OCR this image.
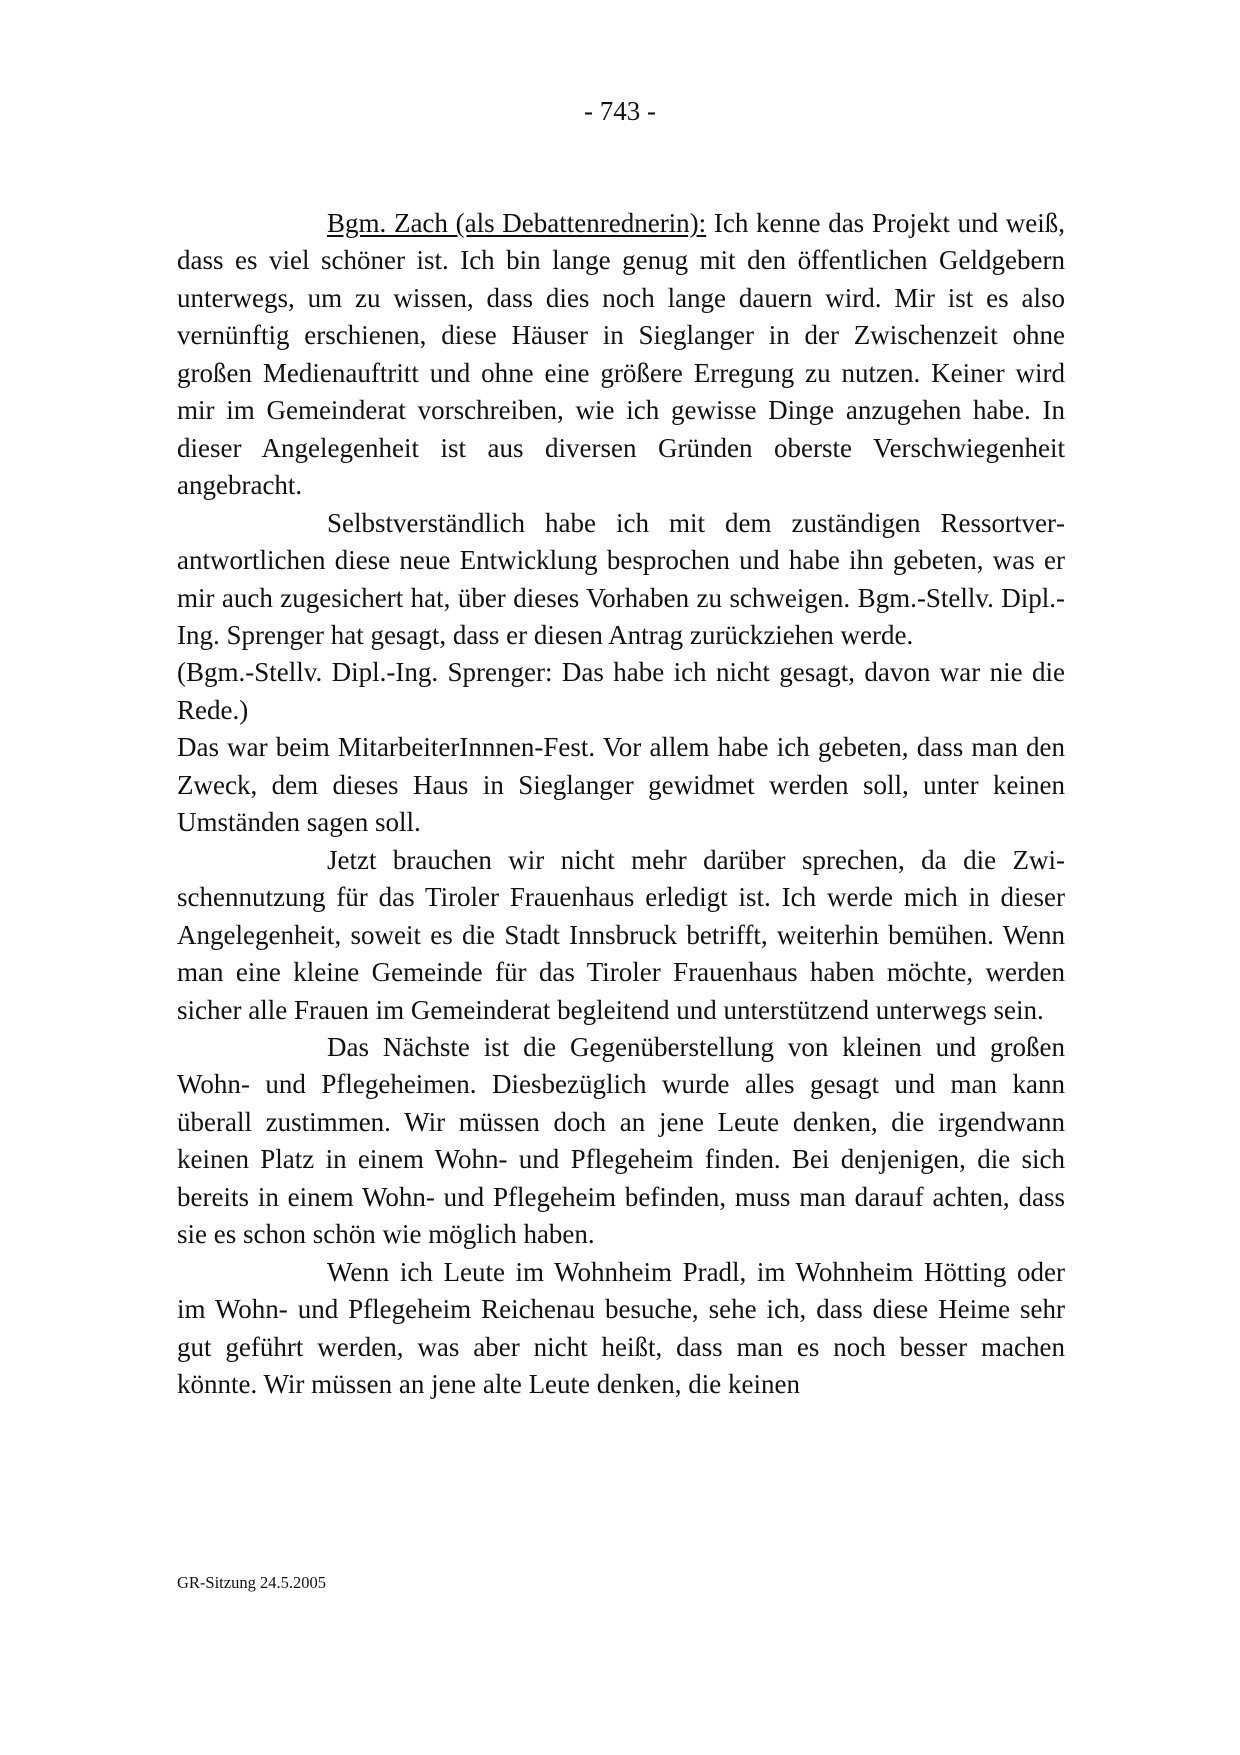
- 743 -

Bgm. Zach (als Debattenrednerin): Ich kenne das Projekt und weiß, dass es viel schöner ist. Ich bin lange genug mit den öffentlichen Geldgebern unterwegs, um zu wissen, dass dies noch lange dauern wird. Mir ist es also vernünftig erschienen, diese Häuser in Sieglanger in der Zwischenzeit ohne großen Medienauftritt und ohne eine größere Erregung zu nutzen. Keiner wird mir im Gemeinderat vorschreiben, wie ich gewisse Dinge anzugehen habe. In dieser Angelegenheit ist aus diversen Gründen oberste Verschwiegenheit angebracht.

Selbstverständlich habe ich mit dem zuständigen Ressortverantwortlichen diese neue Entwicklung besprochen und habe ihn gebeten, was er mir auch zugesichert hat, über dieses Vorhaben zu schweigen. Bgm.-Stellv. Dipl.-Ing. Sprenger hat gesagt, dass er diesen Antrag zurückziehen werde.

(Bgm.-Stellv. Dipl.-Ing. Sprenger: Das habe ich nicht gesagt, davon war nie die Rede.)

Das war beim MitarbeiterInnnen-Fest. Vor allem habe ich gebeten, dass man den Zweck, dem dieses Haus in Sieglanger gewidmet werden soll, unter keinen Umständen sagen soll.

Jetzt brauchen wir nicht mehr darüber sprechen, da die Zwischennutzung für das Tiroler Frauenhaus erledigt ist. Ich werde mich in dieser Angelegenheit, soweit es die Stadt Innsbruck betrifft, weiterhin bemühen. Wenn man eine kleine Gemeinde für das Tiroler Frauenhaus haben möchte, werden sicher alle Frauen im Gemeinderat begleitend und unterstützend unterwegs sein.

Das Nächste ist die Gegenüberstellung von kleinen und großen Wohn- und Pflegeheimen. Diesbezüglich wurde alles gesagt und man kann überall zustimmen. Wir müssen doch an jene Leute denken, die irgendwann keinen Platz in einem Wohn- und Pflegeheim finden. Bei denjenigen, die sich bereits in einem Wohn- und Pflegeheim befinden, muss man darauf achten, dass sie es schon schön wie möglich haben.

Wenn ich Leute im Wohnheim Pradl, im Wohnheim Hötting oder im Wohn- und Pflegeheim Reichenau besuche, sehe ich, dass diese Heime sehr gut geführt werden, was aber nicht heißt, dass man es noch besser machen könnte. Wir müssen an jene alte Leute denken, die keinen

GR-Sitzung 24.5.2005
